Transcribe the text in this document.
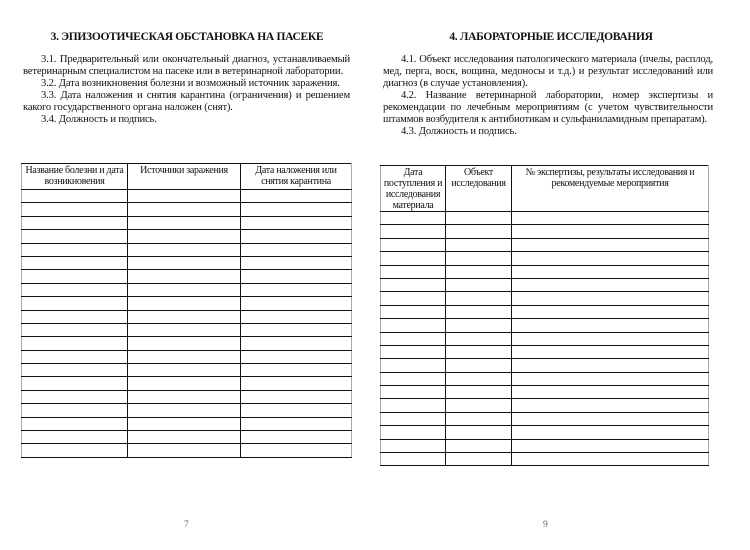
3. ЭПИЗООТИЧЕСКАЯ ОБСТАНОВКА НА ПАСЕКЕ

3.1. Предварительный или окончательный диагноз, устанавливаемый ветеринарным специалистом на пасеке или в ветеринарной лаборатории.

3.2. Дата возникновения болезни и возможный источник заражения.

3.3. Дата наложения и снятия карантина (ограничения) и решением какого государственного органа наложен (снят).

3.4. Должность и подпись.

Название болезни и дата возникновения	Источники заражения	Дата наложения или снятия карантина

7
4. ЛАБОРАТОРНЫЕ ИССЛЕДОВАНИЯ

4.1. Объект исследования патологического материала (пчелы, расплод, мед, перга, воск, вощина, медоносы и т.д.) и результат исследований или диагноз (в случае установления).

4.2. Название ветеринарной лаборатории, номер экспертизы и рекомендации по лечебным мероприятиям (с учетом чувствительности штаммов возбудителя к антибиотикам и сульфаниламидным препаратам).

4.3. Должность и подпись.

Дата поступления и исследования материала	Объект исследования	№ экспертизы, результаты исследования и рекомендуемые мероприятия

9
